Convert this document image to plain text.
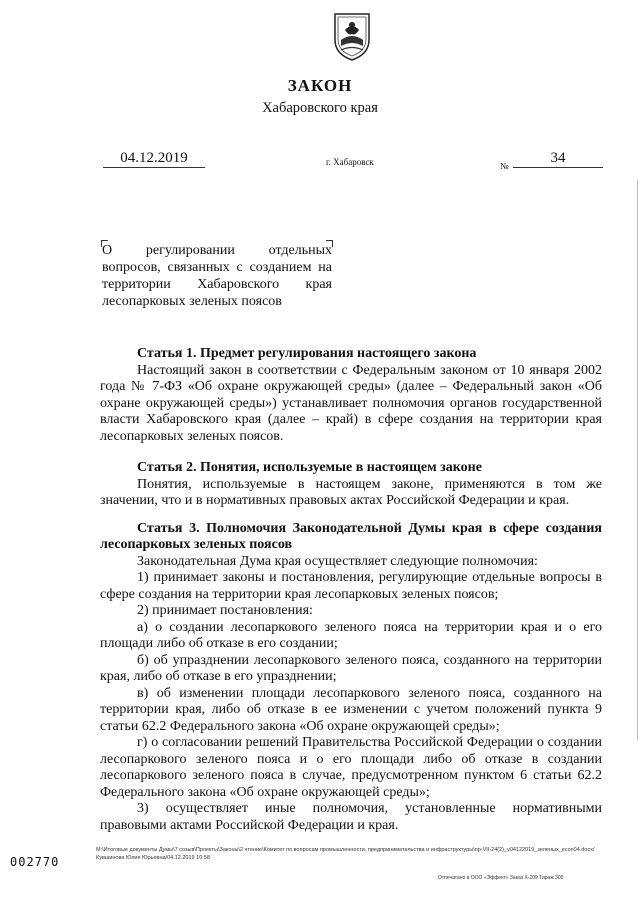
ЗАКОН
Хабаровского края
04.12.2019	г. Хабаровск	№	34
О регулировании отдельных вопросов, связанных с созданием на территории Хабаровского края лесопарковых зеленых поясов
Статья 1. Предмет регулирования настоящего закона

Настоящий закон в соответствии с Федеральным законом от 10 января 2002 года № 7-ФЗ «Об охране окружающей среды» (далее – Федеральный закон «Об охране окружающей среды») устанавливает полномочия органов государственной власти Хабаровского края (далее – край) в сфере создания на территории края лесопарковых зеленых поясов.

Статья 2. Понятия, используемые в настоящем законе

Понятия, используемые в настоящем законе, применяются в том же значении, что и в нормативных правовых актах Российской Федерации и края.

Статья 3. Полномочия Законодательной Думы края в сфере создания лесопарковых зеленых поясов

Законодательная Дума края осуществляет следующие полномочия:

1) принимает законы и постановления, регулирующие отдельные вопросы в сфере создания на территории края лесопарковых зеленых поясов;

2) принимает постановления:

а) о создании лесопаркового зеленого пояса на территории края и о его площади либо об отказе в его создании;

б) об упразднении лесопаркового зеленого пояса, созданного на территории края, либо об отказе в его упразднении;

в) об изменении площади лесопаркового зеленого пояса, созданного на территории края, либо об отказе в ее изменении с учетом положений пункта 9 статьи 62.2 Федерального закона «Об охране окружающей среды»;

г) о согласовании решений Правительства Российской Федерации о создании лесопаркового зеленого пояса и о его площади либо об отказе в создании лесопаркового зеленого пояса в случае, предусмотренном пунктом 6 статьи 62.2 Федерального закона «Об охране окружающей среды»;

3) осуществляет иные полномочия, установленные нормативными правовыми актами Российской Федерации и края.

M:\Итоговые документы Думы\7 созыв\Проекты\Законы\2 чтение\Комитет по вопросам промышленности, предпринимательства и инфраструктуры\пр-VII-24(2)_v04122019_зеленых_econ04.docx/Кувшинова Юлия Юрьевна/04.12.2019 10:58
002770
Отпечатано в ООО «Эффект» Заказ Х-209 Тираж 300
